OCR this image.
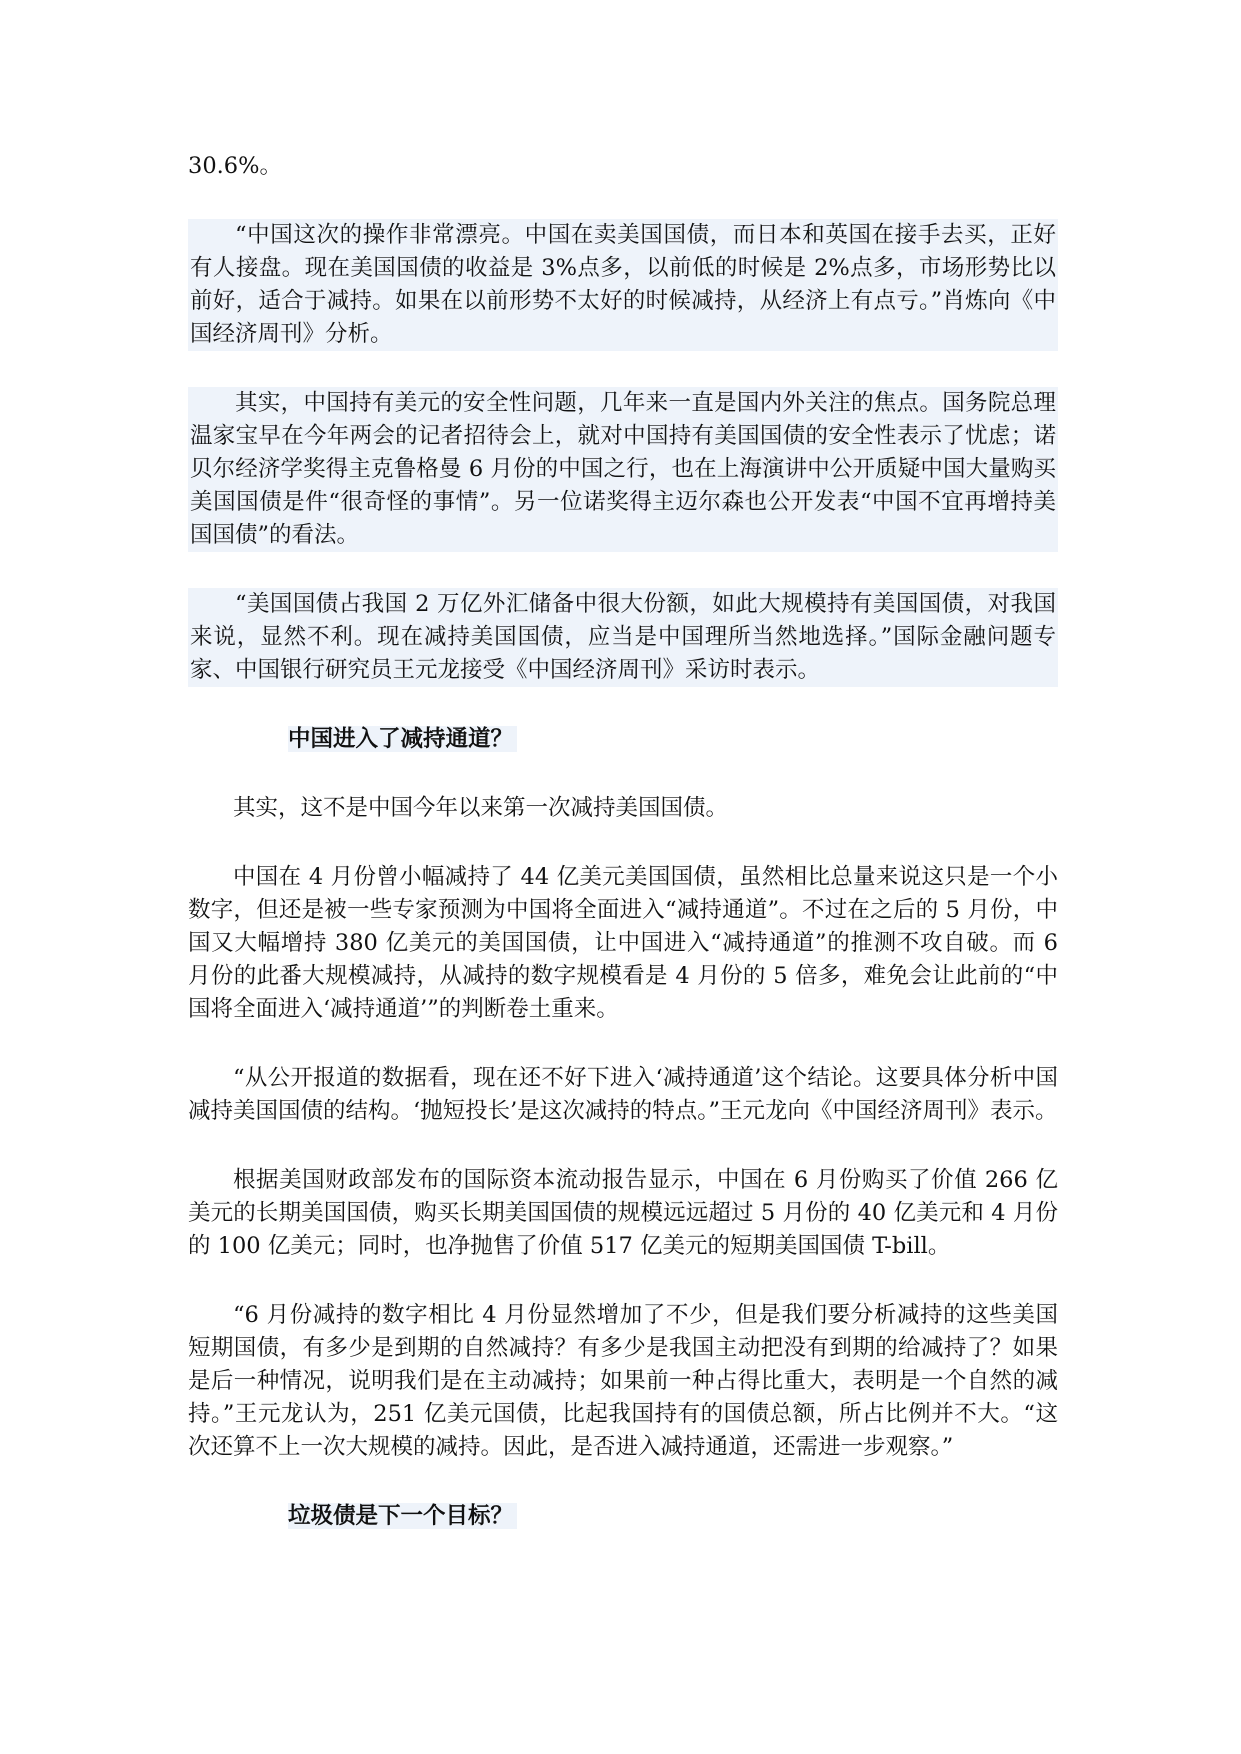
30.6%。

“中国这次的操作非常漂亮。中国在卖美国国债，而日本和英国在接手去买，正好有人接盘。现在美国国债的收益是 3%点多，以前低的时候是 2%点多，市场形势比以前好，适合于减持。如果在以前形势不太好的时候减持，从经济上有点亏。”肖炼向《中国经济周刊》分析。

其实，中国持有美元的安全性问题，几年来一直是国内外关注的焦点。国务院总理温家宝早在今年两会的记者招待会上，就对中国持有美国国债的安全性表示了忧虑；诺贝尔经济学奖得主克鲁格曼 6 月份的中国之行，也在上海演讲中公开质疑中国大量购买美国国债是件“很奇怪的事情”。另一位诺奖得主迈尔森也公开发表“中国不宜再增持美国国债”的看法。

“美国国债占我国 2 万亿外汇储备中很大份额，如此大规模持有美国国债，对我国来说，显然不利。现在减持美国国债，应当是中国理所当然地选择。”国际金融问题专家、中国银行研究员王元龙接受《中国经济周刊》采访时表示。

中国进入了减持通道？

其实，这不是中国今年以来第一次减持美国国债。

中国在 4 月份曾小幅减持了 44 亿美元美国国债，虽然相比总量来说这只是一个小数字，但还是被一些专家预测为中国将全面进入“减持通道”。不过在之后的 5 月份，中国又大幅增持 380 亿美元的美国国债，让中国进入“减持通道”的推测不攻自破。而 6 月份的此番大规模减持，从减持的数字规模看是 4 月份的 5 倍多，难免会让此前的“中国将全面进入‘减持通道’”的判断卷土重来。

“从公开报道的数据看，现在还不好下进入‘减持通道’这个结论。这要具体分析中国减持美国国债的结构。‘抛短投长’是这次减持的特点。”王元龙向《中国经济周刊》表示。

根据美国财政部发布的国际资本流动报告显示，中国在 6 月份购买了价值 266 亿美元的长期美国国债，购买长期美国国债的规模远远超过 5 月份的 40 亿美元和 4 月份的 100 亿美元；同时，也净抛售了价值 517 亿美元的短期美国国债 T-bill。

“6 月份减持的数字相比 4 月份显然增加了不少，但是我们要分析减持的这些美国短期国债，有多少是到期的自然减持？有多少是我国主动把没有到期的给减持了？如果是后一种情况，说明我们是在主动减持；如果前一种占得比重大，表明是一个自然的减持。”王元龙认为，251 亿美元国债，比起我国持有的国债总额，所占比例并不大。“这次还算不上一次大规模的减持。因此，是否进入减持通道，还需进一步观察。”

垃圾债是下一个目标？
